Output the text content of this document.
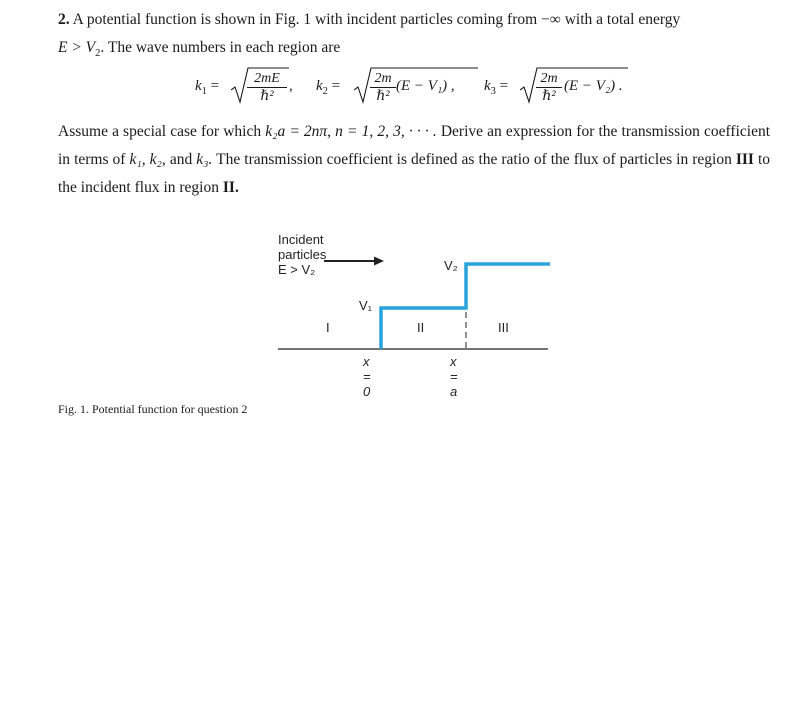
2. A potential function is shown in Fig. 1 with incident particles coming from −∞ with a total energy
$E > V_2$. The wave numbers in each region are
$k_1$ =	2mE
ℏ²
, $k_2$ =	2m
ℏ²
(E − V₁) , $k_3$ =	2m
ℏ²
(E − V₂) .
Assume a special case for which k₂a = 2nπ, n = 1, 2, 3, · · · . Derive an expression for the transmission coefficient in terms of k₁, k₂, and k₃. The transmission coefficient is defined as the ratio of the flux of particles in region III to the incident flux in region II.
Incident particles E > V₂	V₂
V₁
I	II	III
x = 0
x = a
Fig. 1. Potential function for question 2
